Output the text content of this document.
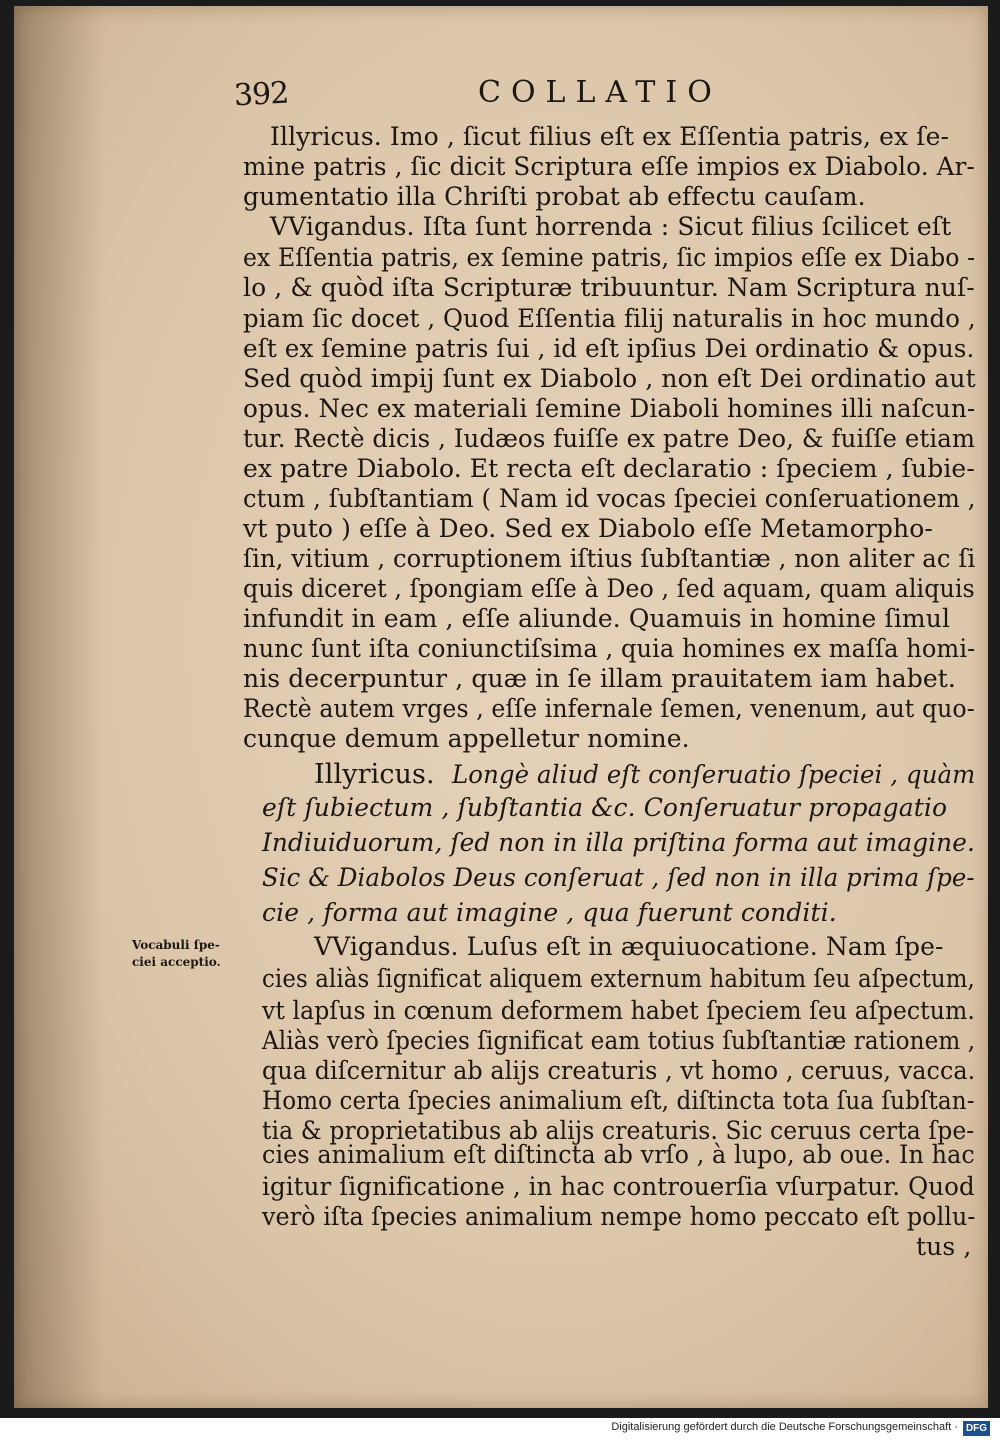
392	COLLATIO
Illyricus. Imo , ſicut filius eſt ex Eſſentia patris, ex ſe-
mine patris , ſic dicit Scriptura eſſe impios ex Diabolo. Ar-
gumentatio illa Chriſti probat ab effectu cauſam.
VVigandus. Iſta ſunt horrenda : Sicut filius ſcilicet eſt
ex Eſſentia patris, ex ſemine patris, ſic impios eſſe ex Diabo -
lo , & quòd iſta Scripturæ tribuuntur. Nam Scriptura nuſ-
piam ſic docet , Quod Eſſentia filij naturalis in hoc mundo ,
eſt ex ſemine patris ſui , id eſt ipſius Dei ordinatio & opus.
Sed quòd impij ſunt ex Diabolo , non eſt Dei ordinatio aut
opus. Nec ex materiali ſemine Diaboli homines illi naſcun-
tur. Rectè dicis , Iudæos fuiſſe ex patre Deo, & fuiſſe etiam
ex patre Diabolo. Et recta eſt declaratio : ſpeciem , ſubie-
ctum , ſubſtantiam ( Nam id vocas ſpeciei conſeruationem ,
vt puto ) eſſe à Deo. Sed ex Diabolo eſſe Metamorpho-
ſin, vitium , corruptionem iſtius ſubſtantiæ , non aliter ac ſi
quis diceret , ſpongiam eſſe à Deo , ſed aquam, quam aliquis
infundit in eam , eſſe aliunde. Quamuis in homine ſimul
nunc ſunt iſta coniunctiſsima , quia homines ex maſſa homi-
nis decerpuntur , quæ in ſe illam prauitatem iam habet.
Rectè autem vrges , eſſe infernale ſemen, venenum, aut quo-
cunque demum appelletur nomine.
Illyricus. Longè aliud eſt conſeruatio ſpeciei , quàm
eſt ſubiectum , ſubſtantia &c. Conſeruatur propagatio
Indiuiduorum, ſed non in illa priſtina forma aut imagine.
Sic & Diabolos Deus conſeruat , ſed non in illa prima ſpe-
cie , forma aut imagine , qua fuerunt conditi.
Vocabuli ſpe-
ciei acceptio.
VVigandus. Luſus eſt in æquiuocatione. Nam ſpe-
cies aliàs ſignificat aliquem externum habitum ſeu aſpectum,
vt lapſus in cœnum deformem habet ſpeciem ſeu aſpectum.
Aliàs verò ſpecies ſignificat eam totius ſubſtantiæ rationem ,
qua diſcernitur ab alijs creaturis , vt homo , ceruus, vacca.
Homo certa ſpecies animalium eſt, diſtincta tota ſua ſubſtan-
tia & proprietatibus ab alijs creaturis. Sic ceruus certa ſpe-
cies animalium eſt diſtincta ab vrſo , à lupo, ab oue. In hac
igitur ſignificatione , in hac controuerſia vſurpatur. Quod
verò iſta ſpecies animalium nempe homo peccato eſt pollu-
tus ,
Digitalisierung gefördert durch die Deutsche Forschungsgemeinschaft · DFG
